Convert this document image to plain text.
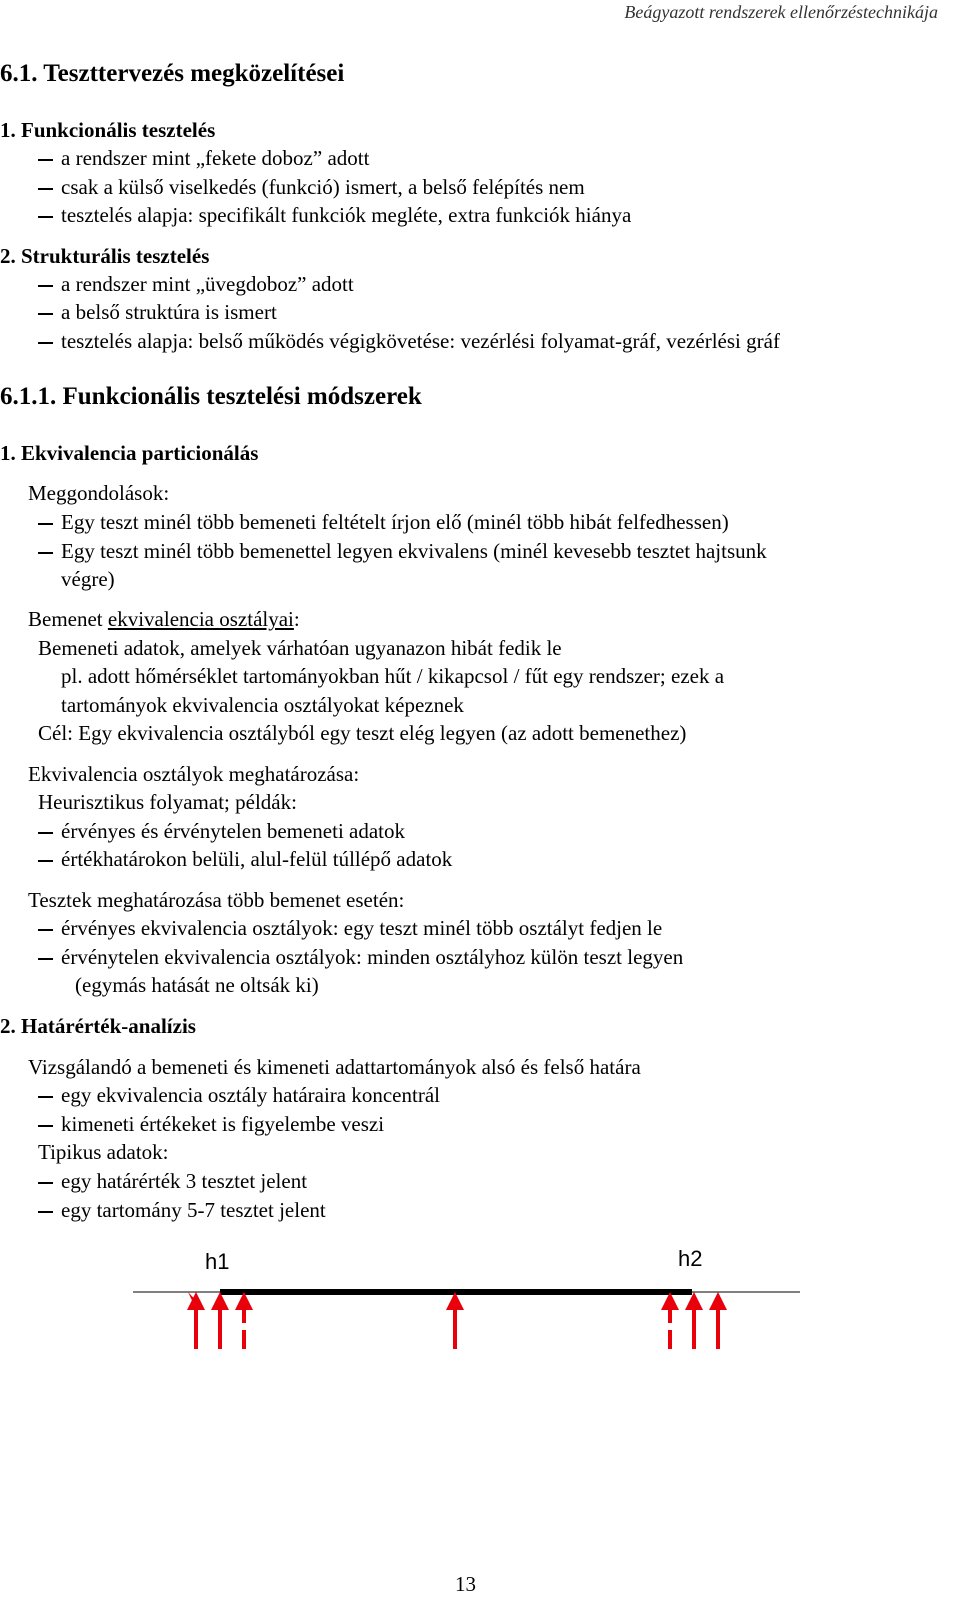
Beágyazott rendszerek ellenőrzéstechnikája
6.1. Teszttervezés megközelítései
1. Funkcionális tesztelés
a rendszer mint „fekete doboz” adott
csak a külső viselkedés (funkció) ismert, a belső felépítés nem
tesztelés alapja: specifikált funkciók megléte, extra funkciók hiánya
2. Strukturális tesztelés
a rendszer mint „üvegdoboz” adott
a belső struktúra is ismert
tesztelés alapja: belső működés végigkövetése: vezérlési folyamat-gráf, vezérlési gráf
6.1.1. Funkcionális tesztelési módszerek
1. Ekvivalencia particionálás
Meggondolások:
Egy teszt minél több bemeneti feltételt írjon elő (minél több hibát felfedhessen)
Egy teszt minél több bemenettel legyen ekvivalens (minél kevesebb tesztet hajtsunk
végre)
Bemenet ekvivalencia osztályai:
Bemeneti adatok, amelyek várhatóan ugyanazon hibát fedik le
pl. adott hőmérséklet tartományokban hűt / kikapcsol / fűt egy rendszer; ezek a
tartományok ekvivalencia osztályokat képeznek
Cél: Egy ekvivalencia osztályból egy teszt elég legyen (az adott bemenethez)
Ekvivalencia osztályok meghatározása:
Heurisztikus folyamat; példák:
érvényes és érvénytelen bemeneti adatok
értékhatárokon belüli, alul-felül túllépő adatok
Tesztek meghatározása több bemenet esetén:
érvényes ekvivalencia osztályok: egy teszt minél több osztályt fedjen le
érvénytelen ekvivalencia osztályok: minden osztályhoz külön teszt legyen
(egymás hatását ne oltsák ki)
2. Határérték-analízis
Vizsgálandó a bemeneti és kimeneti adattartományok alsó és felső határa
egy ekvivalencia osztály határaira koncentrál
kimeneti értékeket is figyelembe veszi
Tipikus adatok:
egy határérték 3 tesztet jelent
egy tartomány 5-7 tesztet jelent
h1	h2
13
